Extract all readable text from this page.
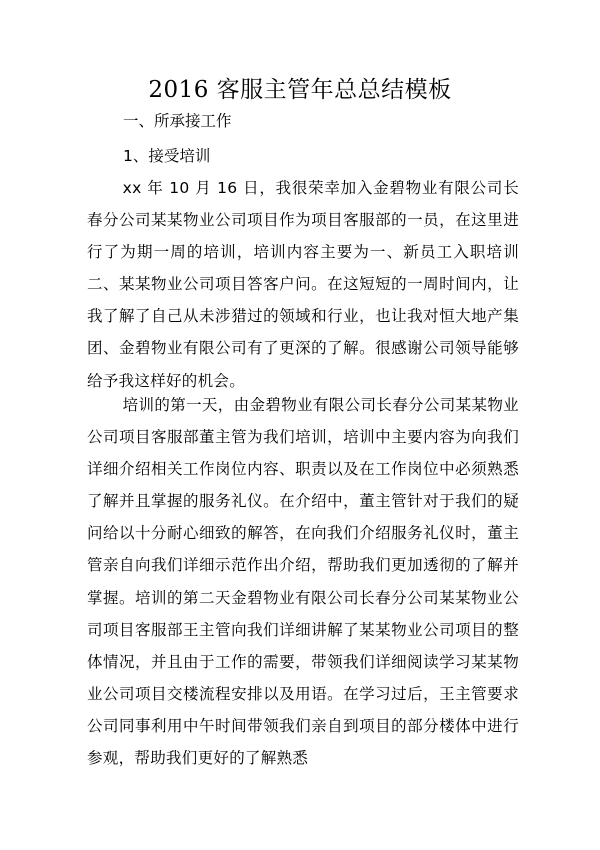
2016 客服主管年总总结模板

一、所承接工作

1、接受培训

xx 年 10 月 16 日，我很荣幸加入金碧物业有限公司长春分公司某某物业公司项目作为项目客服部的一员，在这里进行了为期一周的培训，培训内容主要为一、新员工入职培训二、某某物业公司项目答客户问。在这短短的一周时间内，让我了解了自己从未涉猎过的领域和行业，也让我对恒大地产集团、金碧物业有限公司有了更深的了解。很感谢公司领导能够给予我这样好的机会。

培训的第一天，由金碧物业有限公司长春分公司某某物业公司项目客服部董主管为我们培训，培训中主要内容为向我们详细介绍相关工作岗位内容、职责以及在工作岗位中必须熟悉了解并且掌握的服务礼仪。在介绍中，董主管针对于我们的疑问给以十分耐心细致的解答，在向我们介绍服务礼仪时，董主管亲自向我们详细示范作出介绍，帮助我们更加透彻的了解并掌握。培训的第二天金碧物业有限公司长春分公司某某物业公司项目客服部王主管向我们详细讲解了某某物业公司项目的整体情况，并且由于工作的需要，带领我们详细阅读学习某某物业公司项目交楼流程安排以及用语。在学习过后，王主管要求公司同事利用中午时间带领我们亲自到项目的部分楼体中进行参观，帮助我们更好的了解熟悉
